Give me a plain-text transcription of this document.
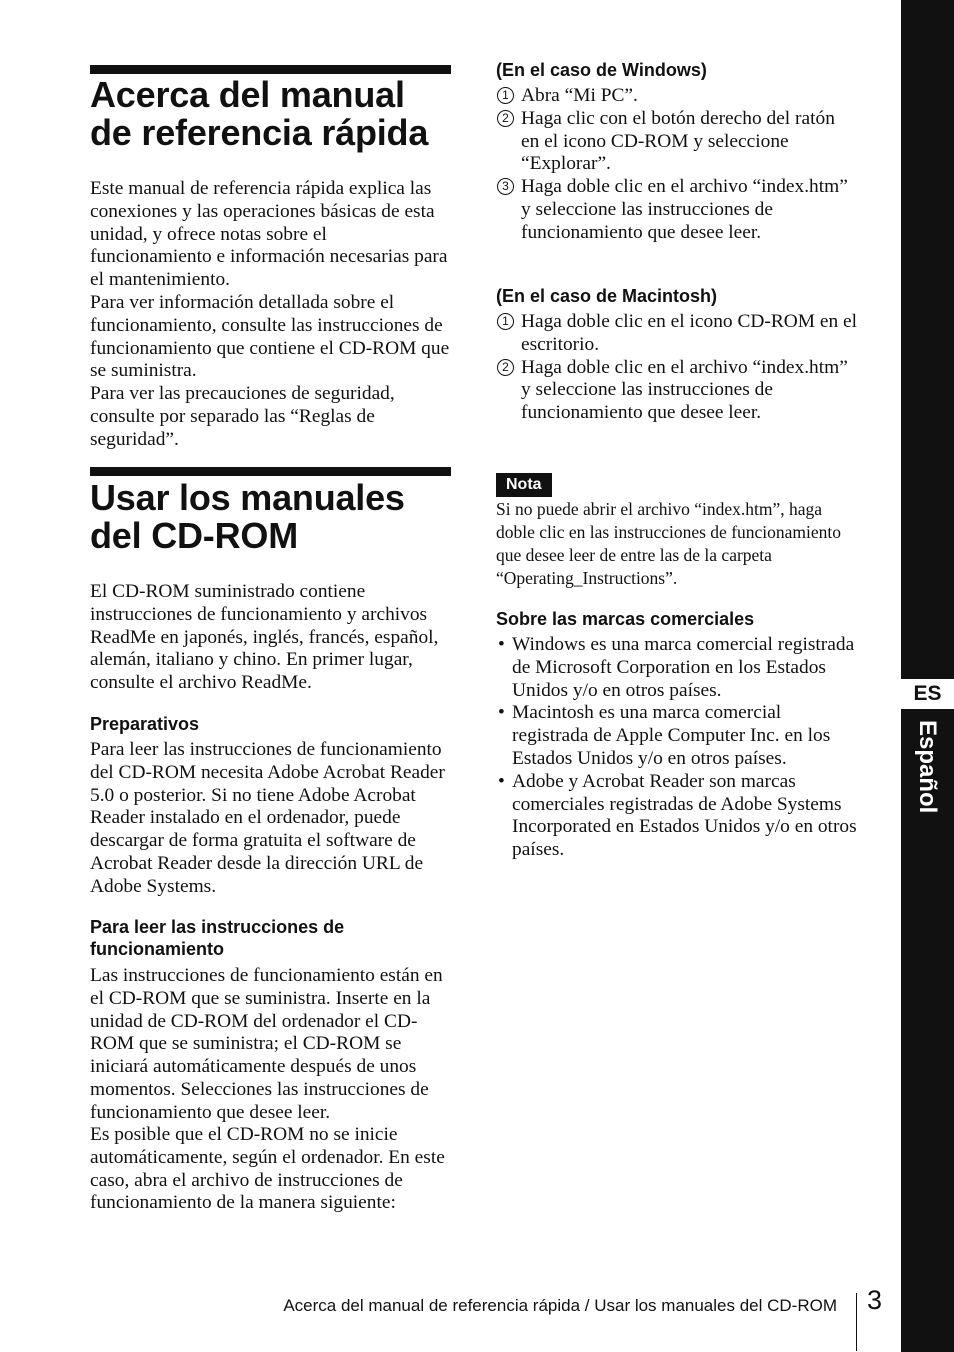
Acerca del manual
de referencia rápida

Este manual de referencia rápida explica las conexiones y las operaciones básicas de esta unidad, y ofrece notas sobre el funcionamiento e información necesarias para el mantenimiento.

Para ver información detallada sobre el funcionamiento, consulte las instrucciones de funcionamiento que contiene el CD-ROM que se suministra.

Para ver las precauciones de seguridad, consulte por separado las “Reglas de seguridad”.

Usar los manuales
del CD-ROM

El CD-ROM suministrado contiene instrucciones de funcionamiento y archivos ReadMe en japonés, inglés, francés, español, alemán, italiano y chino. En primer lugar, consulte el archivo ReadMe.

Preparativos

Para leer las instrucciones de funcionamiento del CD-ROM necesita Adobe Acrobat Reader 5.0 o posterior. Si no tiene Adobe Acrobat Reader instalado en el ordenador, puede descargar de forma gratuita el software de Acrobat Reader desde la dirección URL de Adobe Systems.

Para leer las instrucciones de funcionamiento

Las instrucciones de funcionamiento están en el CD-ROM que se suministra. Inserte en la unidad de CD-ROM del ordenador el CD-ROM que se suministra; el CD-ROM se iniciará automáticamente después de unos momentos. Selecciones las instrucciones de funcionamiento que desee leer.

Es posible que el CD-ROM no se inicie automáticamente, según el ordenador. En este caso, abra el archivo de instrucciones de funcionamiento de la manera siguiente:

(En el caso de Windows)
1 Abra “Mi PC”.
2 Haga clic con el botón derecho del ratón en el icono CD-ROM y seleccione “Explorar”.
3 Haga doble clic en el archivo “index.htm” y seleccione las instrucciones de funcionamiento que desee leer.
(En el caso de Macintosh)
1 Haga doble clic en el icono CD-ROM en el escritorio.
2 Haga doble clic en el archivo “index.htm” y seleccione las instrucciones de funcionamiento que desee leer.
Nota

Si no puede abrir el archivo “index.htm”, haga doble clic en las instrucciones de funcionamiento que desee leer de entre las de la carpeta “Operating_Instructions”.

Sobre las marcas comerciales
• Windows es una marca comercial registrada de Microsoft Corporation en los Estados Unidos y/o en otros países.
• Macintosh es una marca comercial registrada de Apple Computer Inc. en los Estados Unidos y/o en otros países.
• Adobe y Acrobat Reader son marcas comerciales registradas de Adobe Systems Incorporated en Estados Unidos y/o en otros países.
ES
Español
Acerca del manual de referencia rápida / Usar los manuales del CD-ROM 3
